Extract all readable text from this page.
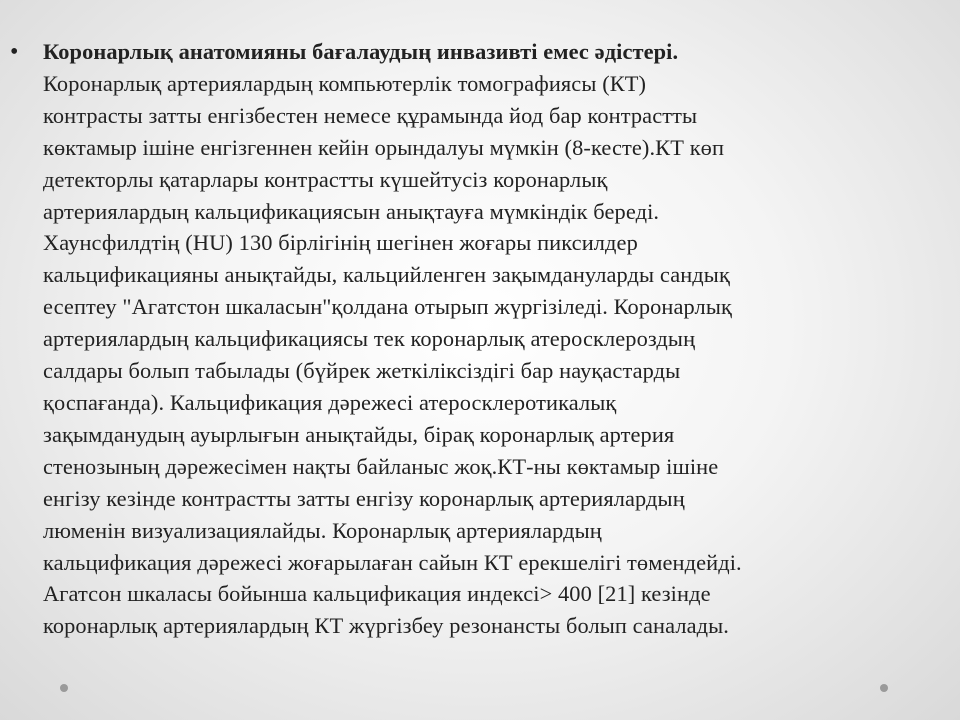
• Коронарлық анатомияны бағалаудың инвазивті емес әдістері.
Коронарлық артериялардың компьютерлік томографиясы (КТ)
контрасты затты енгізбестен немесе құрамында йод бар контрастты
көктамыр ішіне енгізгеннен кейін орындалуы мүмкін (8-кесте).КТ көп
детекторлы қатарлары контрастты күшейтусіз коронарлық
артериялардың кальцификациясын анықтауға мүмкіндік береді.
Хаунсфилдтің (HU) 130 бірлігінің шегінен жоғары пиксилдер
кальцификацияны анықтайды, кальцийленген зақымдануларды сандық
есептеу "Агатстон шкаласын"қолдана отырып жүргізіледі. Коронарлық
артериялардың кальцификациясы тек коронарлық атеросклероздың
салдары болып табылады (бүйрек жеткіліксіздігі бар науқастарды
қоспағанда). Кальцификация дәрежесі атеросклеротикалық
зақымданудың ауырлығын анықтайды, бірақ коронарлық артерия
стенозының дәрежесімен нақты байланыс жоқ.КТ-ны көктамыр ішіне
енгізу кезінде контрастты затты енгізу коронарлық артериялардың
люменін визуализациялайды. Коронарлық артериялардың
кальцификация дәрежесі жоғарылаған сайын КТ ерекшелігі төмендейді.
Агатсон шкаласы бойынша кальцификация индексі> 400 [21] кезінде
коронарлық артериялардың КТ жүргізбеу резонансты болып саналады.
